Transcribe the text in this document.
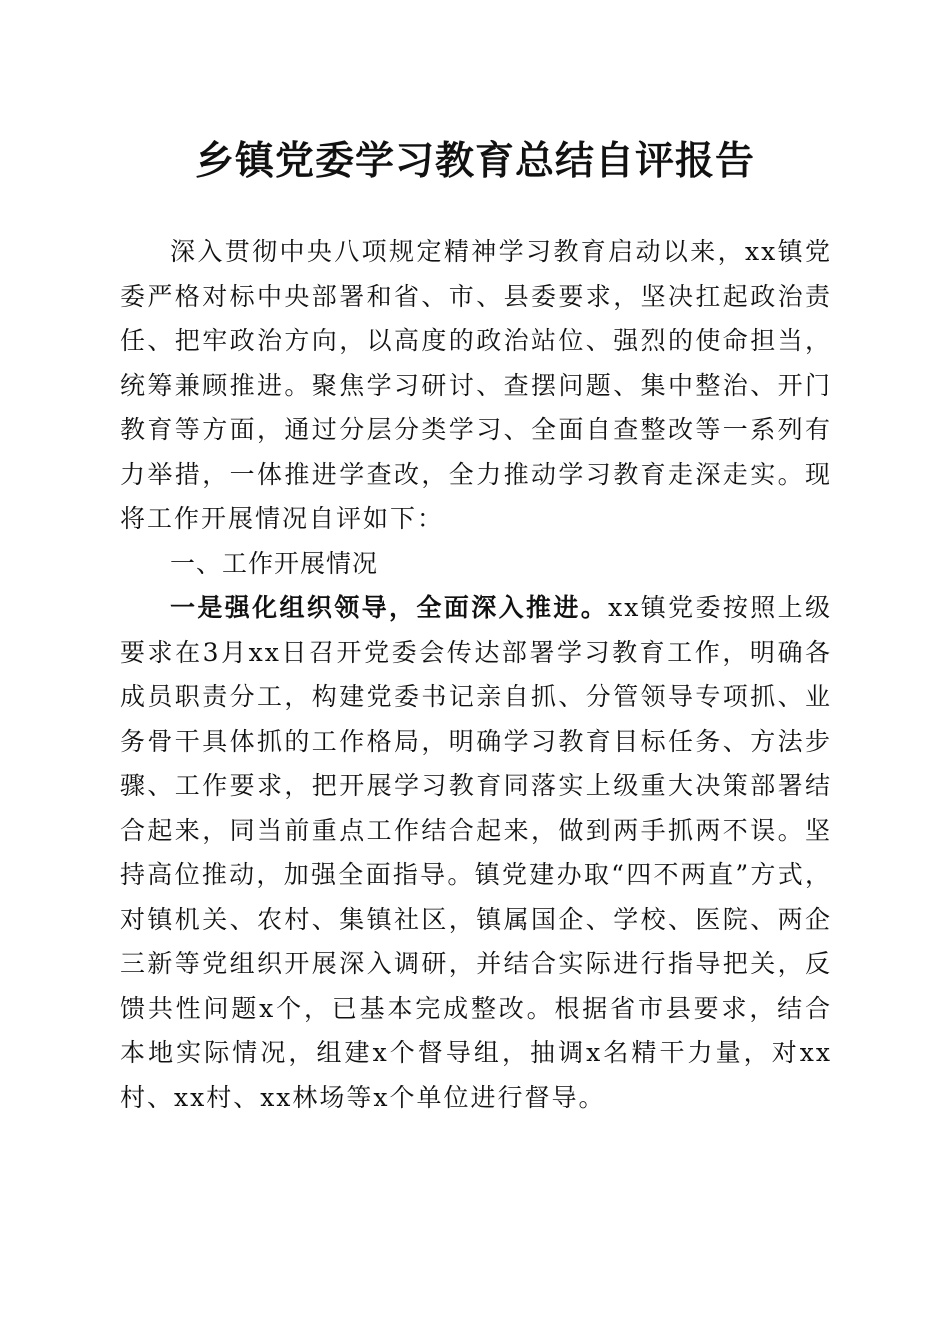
乡镇党委学习教育总结自评报告

深入贯彻中央八项规定精神学习教育启动以来，xx镇党委严格对标中央部署和省、市、县委要求，坚决扛起政治责任、把牢政治方向，以高度的政治站位、强烈的使命担当，统筹兼顾推进。聚焦学习研讨、查摆问题、集中整治、开门教育等方面，通过分层分类学习、全面自查整改等一系列有力举措，一体推进学查改，全力推动学习教育走深走实。现将工作开展情况自评如下：

一、工作开展情况

一是强化组织领导，全面深入推进。xx镇党委按照上级要求在3月xx日召开党委会传达部署学习教育工作，明确各成员职责分工，构建党委书记亲自抓、分管领导专项抓、业务骨干具体抓的工作格局，明确学习教育目标任务、方法步骤、工作要求，把开展学习教育同落实上级重大决策部署结合起来，同当前重点工作结合起来，做到两手抓两不误。坚持高位推动，加强全面指导。镇党建办取“四不两直”方式，对镇机关、农村、集镇社区，镇属国企、学校、医院、两企三新等党组织开展深入调研，并结合实际进行指导把关，反馈共性问题x个，已基本完成整改。根据省市县要求，结合本地实际情况，组建x个督导组，抽调x名精干力量，对xx村、xx村、xx林场等x个单位进行督导。
